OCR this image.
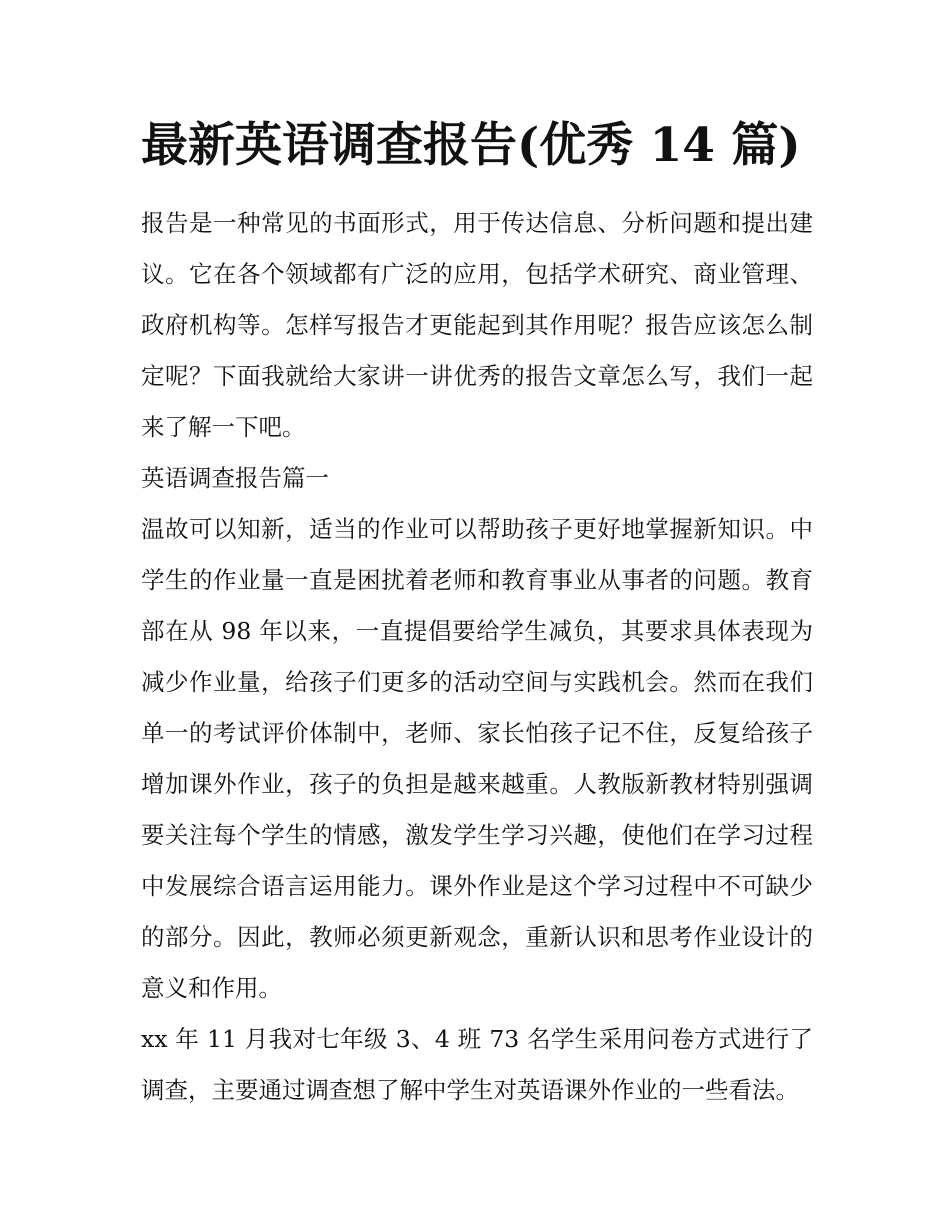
最新英语调查报告(优秀 14 篇)

报告是一种常见的书面形式，用于传达信息、分析问题和提出建议。它在各个领域都有广泛的应用，包括学术研究、商业管理、政府机构等。怎样写报告才更能起到其作用呢？报告应该怎么制定呢？下面我就给大家讲一讲优秀的报告文章怎么写，我们一起来了解一下吧。

英语调查报告篇一

温故可以知新，适当的作业可以帮助孩子更好地掌握新知识。中学生的作业量一直是困扰着老师和教育事业从事者的问题。教育部在从 98 年以来，一直提倡要给学生减负，其要求具体表现为减少作业量，给孩子们更多的活动空间与实践机会。然而在我们单一的考试评价体制中，老师、家长怕孩子记不住，反复给孩子增加课外作业，孩子的负担是越来越重。人教版新教材特别强调要关注每个学生的情感，激发学生学习兴趣，使他们在学习过程中发展综合语言运用能力。课外作业是这个学习过程中不可缺少的部分。因此，教师必须更新观念，重新认识和思考作业设计的意义和作用。

xx 年 11 月我对七年级 3、4 班 73 名学生采用问卷方式进行了调查，主要通过调查想了解中学生对英语课外作业的一些看法。
